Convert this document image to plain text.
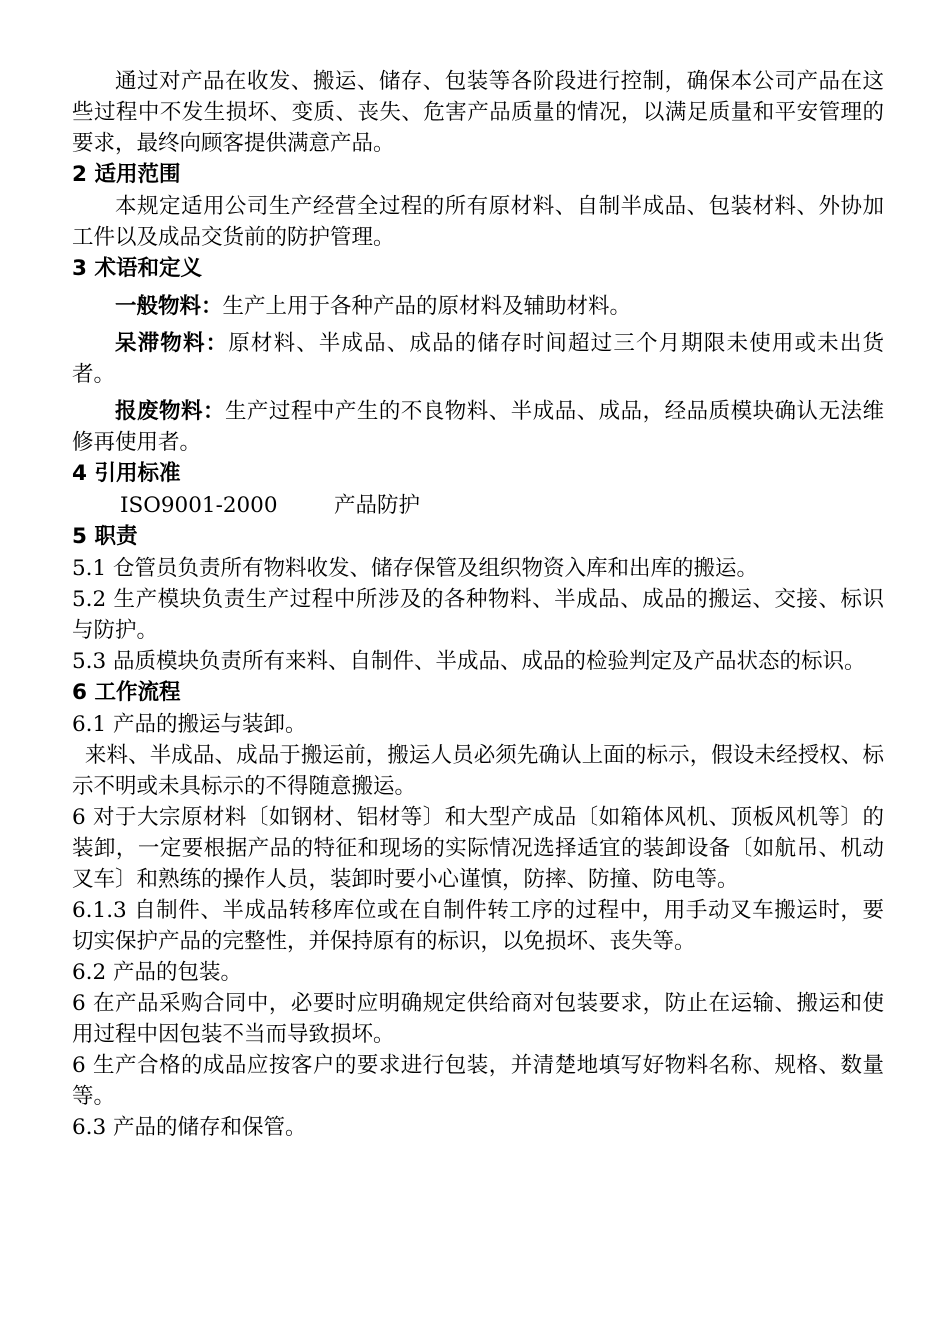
通过对产品在收发、搬运、储存、包装等各阶段进行控制，确保本公司产品在这些过程中不发生损坏、变质、丧失、危害产品质量的情况，以满足质量和平安管理的要求，最终向顾客提供满意产品。

2 适用范围

本规定适用公司生产经营全过程的所有原材料、自制半成品、包装材料、外协加工件以及成品交货前的防护管理。

3 术语和定义

一般物料：生产上用于各种产品的原材料及辅助材料。

呆滞物料：原材料、半成品、成品的储存时间超过三个月期限未使用或未出货者。

报废物料：生产过程中产生的不良物料、半成品、成品，经品质模块确认无法维修再使用者。

4 引用标准

ISO9001-2000	产品防护

5 职责

5.1 仓管员负责所有物料收发、储存保管及组织物资入库和出库的搬运。

5.2 生产模块负责生产过程中所涉及的各种物料、半成品、成品的搬运、交接、标识与防护。

5.3 品质模块负责所有来料、自制件、半成品、成品的检验判定及产品状态的标识。

6 工作流程

6.1 产品的搬运与装卸。

来料、半成品、成品于搬运前，搬运人员必须先确认上面的标示，假设未经授权、标示不明或未具标示的不得随意搬运。

6 对于大宗原材料〔如钢材、铝材等〕和大型产成品〔如箱体风机、顶板风机等〕的装卸，一定要根据产品的特征和现场的实际情况选择适宜的装卸设备〔如航吊、机动叉车〕和熟练的操作人员，装卸时要小心谨慎，防摔、防撞、防电等。

6.1.3 自制件、半成品转移库位或在自制件转工序的过程中，用手动叉车搬运时，要切实保护产品的完整性，并保持原有的标识，以免损坏、丧失等。

6.2 产品的包装。

6 在产品采购合同中，必要时应明确规定供给商对包装要求，防止在运输、搬运和使用过程中因包装不当而导致损坏。

6 生产合格的成品应按客户的要求进行包装，并清楚地填写好物料名称、规格、数量等。

6.3 产品的储存和保管。
